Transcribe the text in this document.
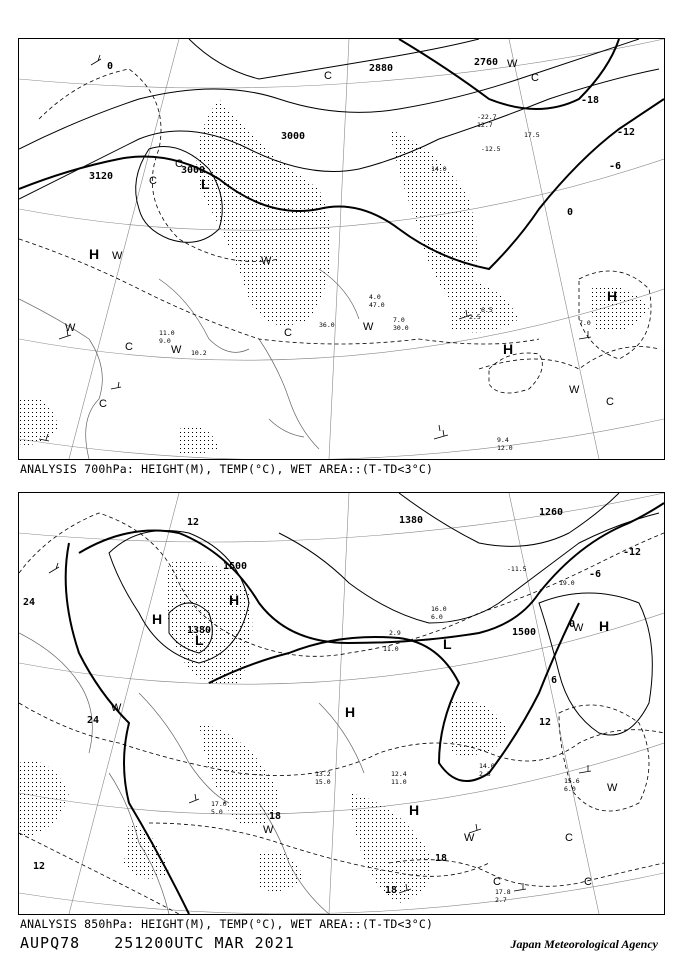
3120
3000
3000
2880
2760
0
-6
-12
-18
0
L
H
H
H
C
C
C
C
W
W
W
W
W
W
C
C
W
C
C
9.4
12.0
7.0
30.0
11.0
9.0
10.2
4.0
47.0
6.5
7.0
36.0
2.5
17.5
-12.5
14.0
-22.7
12.7
ANALYSIS 700hPa: HEIGHT(M), TEMP(°C), WET AREA::(T-TD<3°C)
1260
1500
1500
1380
1380
24
24
18
18
18
12
12
6
0
-6
-12
12
H
L
H	H
H
L
H
W
W
W	C
C	C
W
W
17.8
2.7
15.6
6.0
14.0
2.5
12.4
11.0
13.2
15.0
17.0
5.0
-11.5
19.0
16.0
6.0
11.0
2.9
ANALYSIS 850hPa: HEIGHT(M), TEMP(°C), WET AREA::(T-TD<3°C)
AUPQ78 251200UTC MAR 2021	Japan Meteorological Agency
